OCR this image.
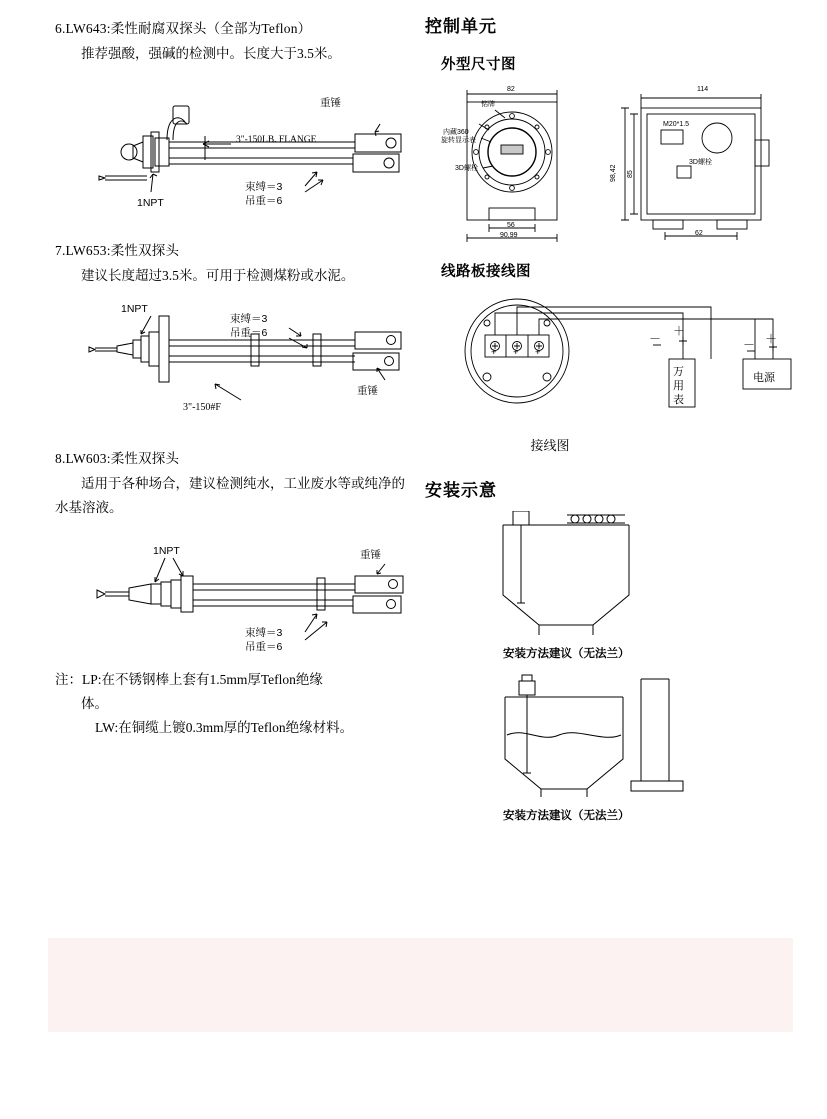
6.LW643:柔性耐腐双探头（全部为Teflon）
推荐强酸，强碱的检测中。长度大于3.5米。
3"-150LB. FLANGE
重锤
1NPT
束缚＝3
吊重＝6
7.LW653:柔性双探头
建议长度超过3.5米。可用于检测煤粉或水泥。
1NPT
束缚＝3
吊重＝6
重锤
3"-150#F
8.LW603:柔性双探头
适用于各种场合，建议检测纯水，工业废水等或纯净的水基溶液。
1NPT	重锤
束缚＝3
吊重＝6
注：LP:在不锈钢棒上套有1.5mm厚Teflon绝缘
体。
LW:在铜缆上镀0.3mm厚的Teflon绝缘材料。
控制单元
外型尺寸图
82	114
56
90,99	62
内藏360
旋转显示表
铭牌
M20*1.5
3D螺栓
3D螺栓
98,42 85
线路板接线图
+ + +
万
用
表
电源
－
＋
－ ＋
接线图
安装示意
安装方法建议（无法兰）
安装方法建议（无法兰）
